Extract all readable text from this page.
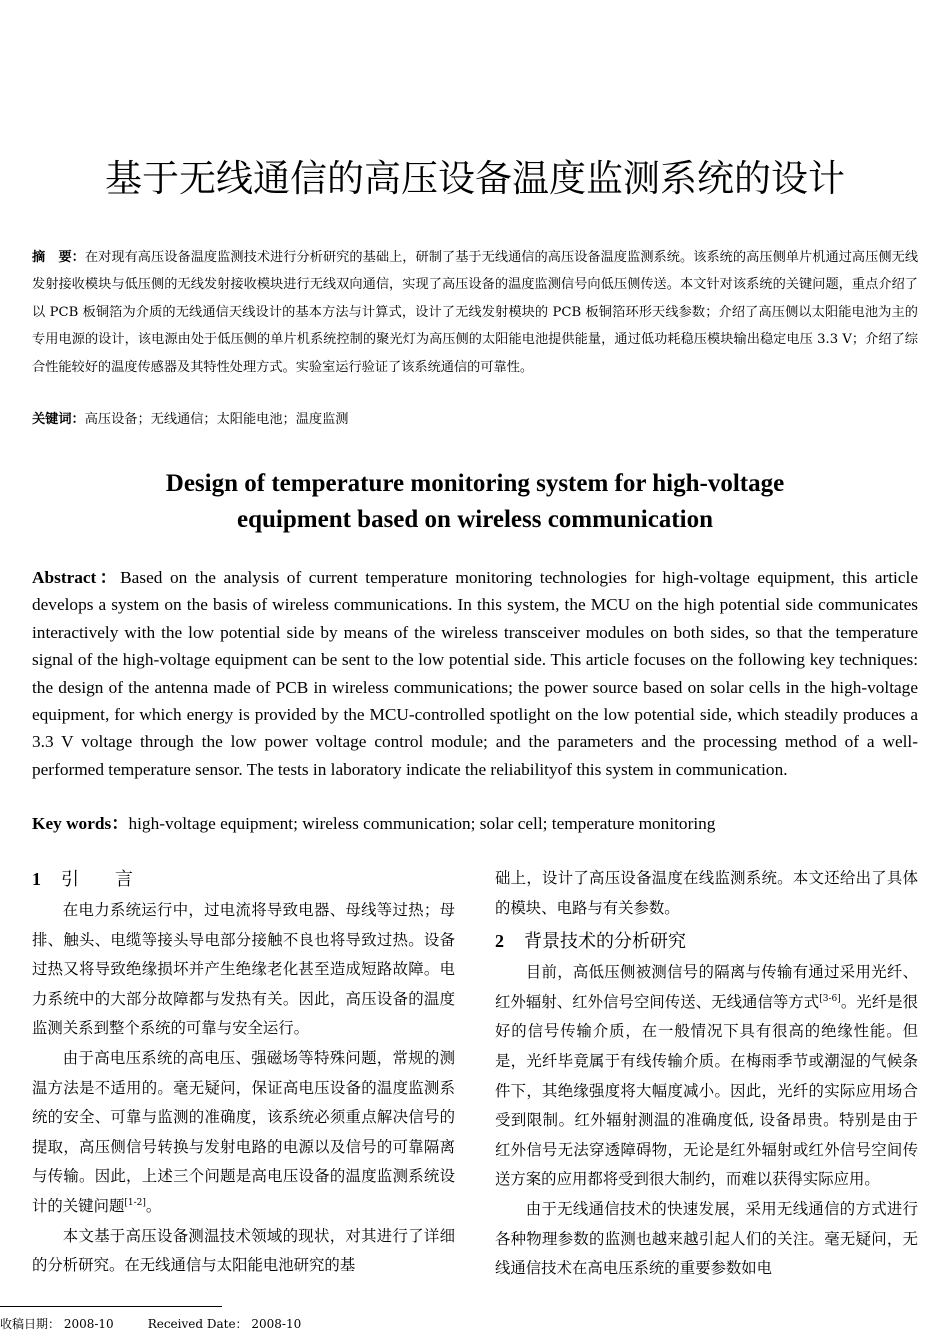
基于无线通信的高压设备温度监测系统的设计

摘　要：在对现有高压设备温度监测技术进行分析研究的基础上，研制了基于无线通信的高压设备温度监测系统。该系统的高压侧单片机通过高压侧无线发射接收模块与低压侧的无线发射接收模块进行无线双向通信，实现了高压设备的温度监测信号向低压侧传送。本文针对该系统的关键问题，重点介绍了以 PCB 板铜箔为介质的无线通信天线设计的基本方法与计算式，设计了无线发射模块的 PCB 板铜箔环形天线参数；介绍了高压侧以太阳能电池为主的专用电源的设计，该电源由处于低压侧的单片机系统控制的聚光灯为高压侧的太阳能电池提供能量，通过低功耗稳压模块输出稳定电压 3.3 V；介绍了综合性能较好的温度传感器及其特性处理方式。实验室运行验证了该系统通信的可靠性。

关键词：高压设备；无线通信；太阳能电池；温度监测

Design of temperature monitoring system for high-voltage
equipment based on wireless communication

Abstract：Based on the analysis of current temperature monitoring technologies for high-voltage equipment, this article develops a system on the basis of wireless communications. In this system, the MCU on the high potential side communicates interactively with the low potential side by means of the wireless transceiver modules on both sides, so that the temperature signal of the high-voltage equipment can be sent to the low potential side. This article focuses on the following key techniques: the design of the antenna made of PCB in wireless communications; the power source based on solar cells in the high-voltage equipment, for which energy is provided by the MCU-controlled spotlight on the low potential side, which steadily produces a 3.3 V voltage through the low power voltage control module; and the parameters and the processing method of a well-performed temperature sensor. The tests in laboratory indicate the reliabilityof this system in communication.

Key words：high-voltage equipment; wireless communication; solar cell; temperature monitoring

1 引　　言

在电力系统运行中，过电流将导致电器、母线等过热；母排、触头、电缆等接头导电部分接触不良也将导致过热。设备过热又将导致绝缘损坏并产生绝缘老化甚至造成短路故障。电力系统中的大部分故障都与发热有关。因此，高压设备的温度监测关系到整个系统的可靠与安全运行。

由于高电压系统的高电压、强磁场等特殊问题，常规的测温方法是不适用的。毫无疑问，保证高电压设备的温度监测系统的安全、可靠与监测的准确度，该系统必须重点解决信号的提取，高压侧信号转换与发射电路的电源以及信号的可靠隔离与传输。因此，上述三个问题是高电压设备的温度监测系统设计的关键问题[1-2]。

本文基于高压设备测温技术领域的现状，对其进行了详细的分析研究。在无线通信与太阳能电池研究的基

础上，设计了高压设备温度在线监测系统。本文还给出了具体的模块、电路与有关参数。

2 背景技术的分析研究

目前，高低压侧被测信号的隔离与传输有通过采用光纤、红外辐射、红外信号空间传送、无线通信等方式[3-6]。光纤是很好的信号传输介质，在一般情况下具有很高的绝缘性能。但是，光纤毕竟属于有线传输介质。在梅雨季节或潮湿的气候条件下，其绝缘强度将大幅度减小。因此，光纤的实际应用场合受到限制。红外辐射测温的准确度低, 设备昂贵。特别是由于红外信号无法穿透障碍物，无论是红外辐射或红外信号空间传送方案的应用都将受到很大制约，而难以获得实际应用。

由于无线通信技术的快速发展，采用无线通信的方式进行各种物理参数的监测也越来越引起人们的关注。毫无疑问，无线通信技术在高电压系统的重要参数如电

收稿日期： 2008-10	Received Date： 2008-10
